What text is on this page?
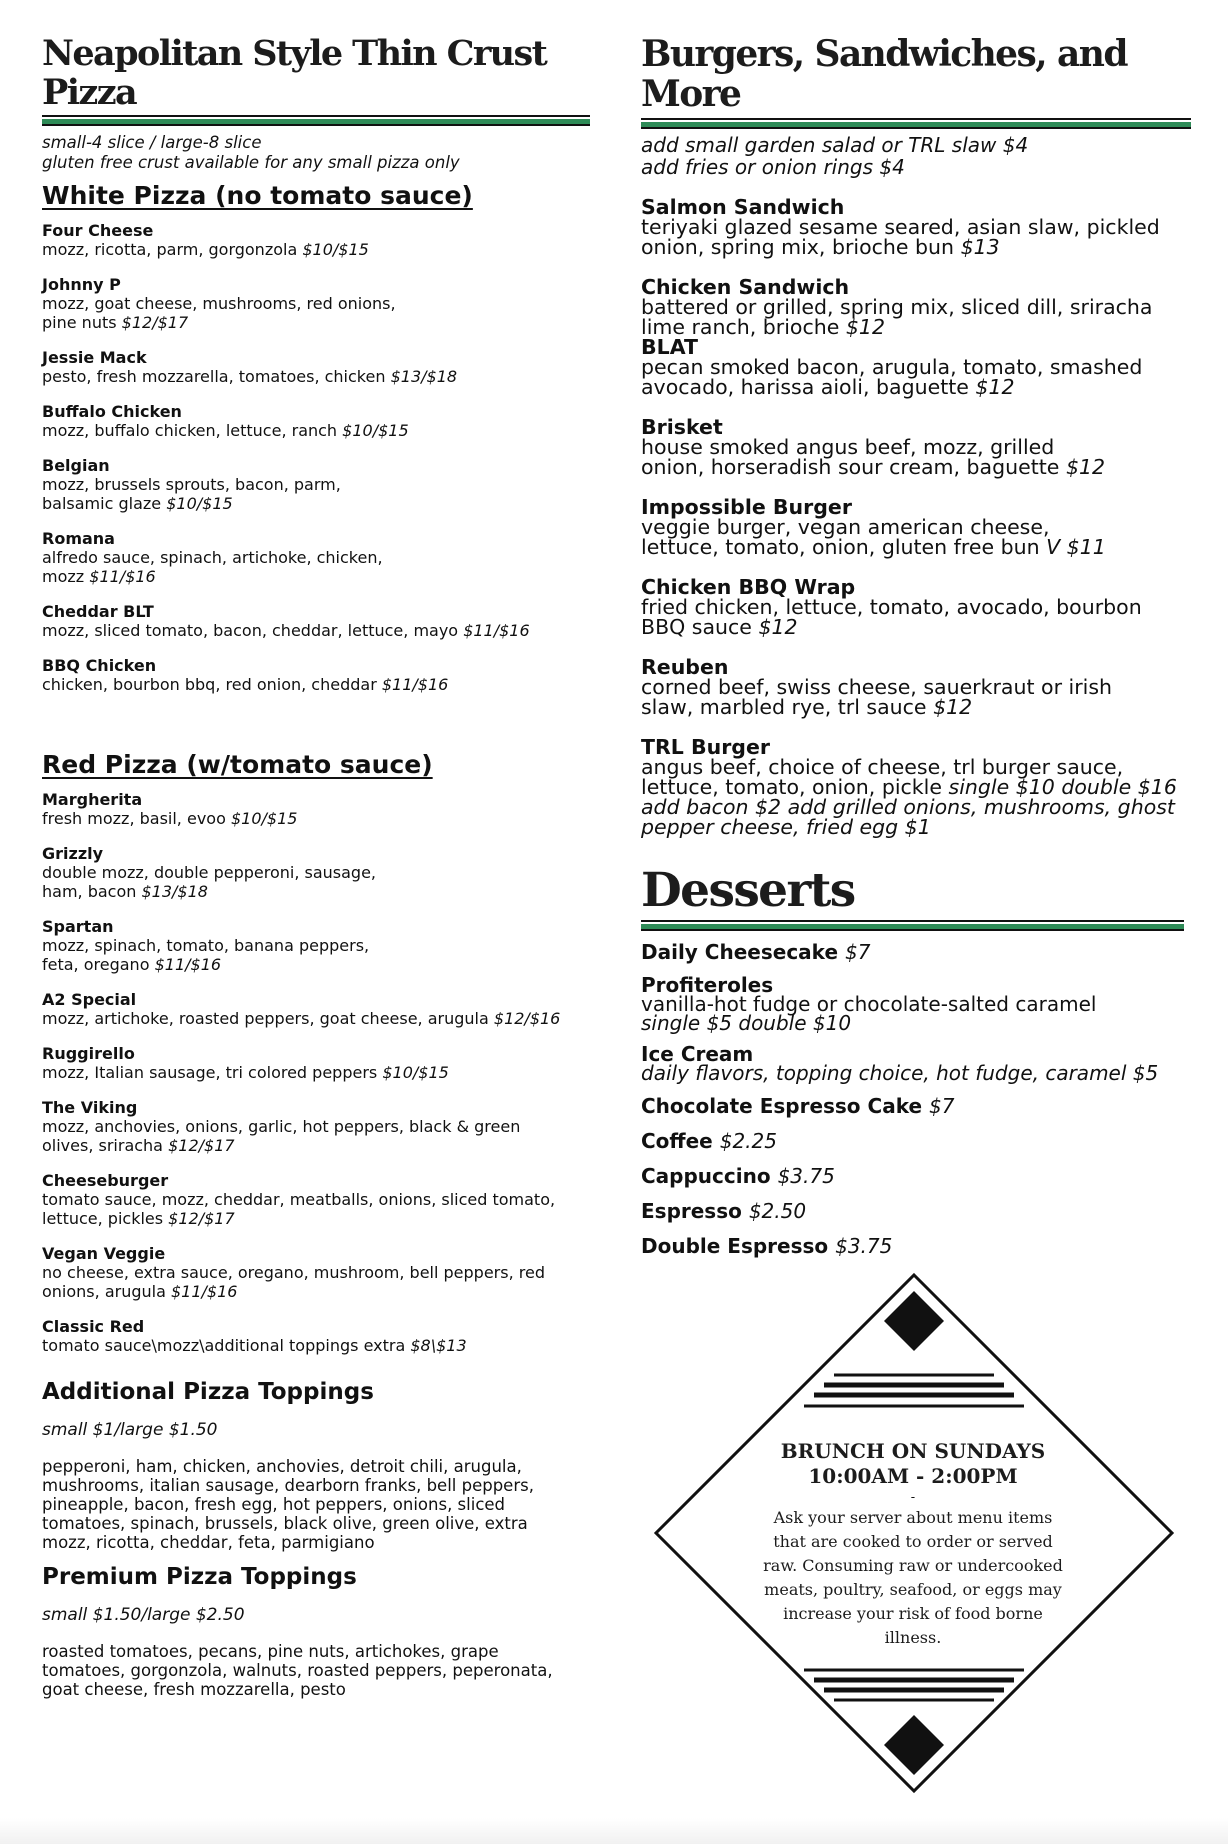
Neapolitan Style Thin Crust Pizza
small-4 slice / large-8 slice
gluten free crust available for any small pizza only
White Pizza (no tomato sauce)
Four Cheese
mozz, ricotta, parm, gorgonzola $10/$15
Johnny P
mozz, goat cheese, mushrooms, red onions, pine nuts $12/$17
Jessie Mack
pesto, fresh mozzarella, tomatoes, chicken $13/$18
Buffalo Chicken
mozz, buffalo chicken, lettuce, ranch $10/$15
Belgian
mozz, brussels sprouts, bacon, parm, balsamic glaze $10/$15
Romana
alfredo sauce, spinach, artichoke, chicken, mozz $11/$16
Cheddar BLT
mozz, sliced tomato, bacon, cheddar, lettuce, mayo $11/$16
BBQ Chicken
chicken, bourbon bbq, red onion, cheddar $11/$16
Red Pizza (w/tomato sauce)
Margherita
fresh mozz, basil, evoo $10/$15
Grizzly
double mozz, double pepperoni, sausage, ham, bacon $13/$18
Spartan
mozz, spinach, tomato, banana peppers, feta, oregano $11/$16
A2 Special
mozz, artichoke, roasted peppers, goat cheese, arugula $12/$16
Ruggirello
mozz, Italian sausage, tri colored peppers $10/$15
The Viking
mozz, anchovies, onions, garlic, hot peppers, black & green olives, sriracha $12/$17
Cheeseburger
tomato sauce, mozz, cheddar, meatballs, onions, sliced tomato, lettuce, pickles $12/$17
Vegan Veggie
no cheese, extra sauce, oregano, mushroom, bell peppers, red onions, arugula $11/$16
Classic Red
tomato sauce\mozz\additional toppings extra $8\$13
Additional Pizza Toppings
small $1/large $1.50
pepperoni, ham, chicken, anchovies, detroit chili, arugula, mushrooms, italian sausage, dearborn franks, bell peppers, pineapple, bacon, fresh egg, hot peppers, onions, sliced tomatoes, spinach, brussels, black olive, green olive, extra mozz, ricotta, cheddar, feta, parmigiano
Premium Pizza Toppings
small $1.50/large $2.50
roasted tomatoes, pecans, pine nuts, artichokes, grape tomatoes, gorgonzola, walnuts, roasted peppers, peperonata, goat cheese, fresh mozzarella, pesto
Burgers, Sandwiches, and More
add small garden salad or TRL slaw $4
add fries or onion rings $4
Salmon Sandwich
teriyaki glazed sesame seared, asian slaw, pickled onion, spring mix, brioche bun $13
Chicken Sandwich
battered or grilled, spring mix, sliced dill, sriracha lime ranch, brioche $12
BLAT
pecan smoked bacon, arugula, tomato, smashed avocado, harissa aioli, baguette $12
Brisket
house smoked angus beef, mozz, grilled onion, horseradish sour cream, baguette $12
Impossible Burger
veggie burger, vegan american cheese, lettuce, tomato, onion, gluten free bun V $11
Chicken BBQ Wrap
fried chicken, lettuce, tomato, avocado, bourbon BBQ sauce $12
Reuben
corned beef, swiss cheese, sauerkraut or irish slaw, marbled rye, trl sauce $12
TRL Burger
angus beef, choice of cheese, trl burger sauce, lettuce, tomato, onion, pickle single $10 double $16 add bacon $2 add grilled onions, mushrooms, ghost pepper cheese, fried egg $1
Desserts
Daily Cheesecake $7
Profiteroles
vanilla-hot fudge or chocolate-salted caramel
single $5 double $10
Ice Cream
daily flavors, topping choice, hot fudge, caramel $5
Chocolate Espresso Cake $7
Coffee $2.25
Cappuccino $3.75
Espresso $2.50
Double Espresso $3.75
BRUNCH ON SUNDAYS
10:00AM - 2:00PM
-
Ask your server about menu items that are cooked to order or served raw. Consuming raw or undercooked meats, poultry, seafood, or eggs may increase your risk of food borne illness.
